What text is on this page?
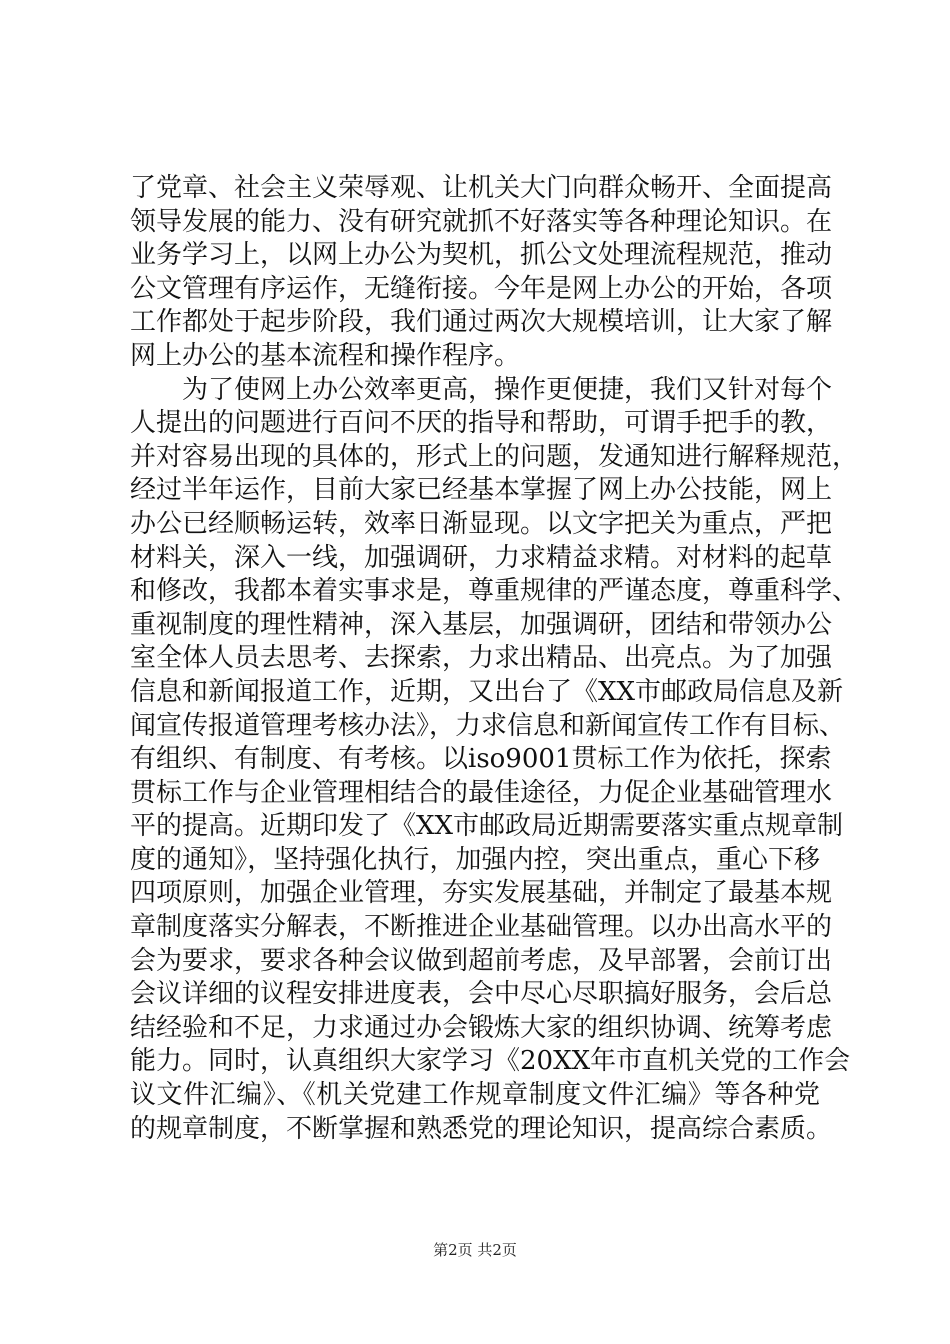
了党章、社会主义荣辱观、让机关大门向群众畅开、全面提高
领导发展的能力、没有研究就抓不好落实等各种理论知识。在
业务学习上，以网上办公为契机，抓公文处理流程规范，推动
公文管理有序运作，无缝衔接。今年是网上办公的开始，各项
工作都处于起步阶段，我们通过两次大规模培训，让大家了解
网上办公的基本流程和操作程序。
　　为了使网上办公效率更高，操作更便捷，我们又针对每个
人提出的问题进行百问不厌的指导和帮助，可谓手把手的教，
并对容易出现的具体的，形式上的问题，发通知进行解释规范，
经过半年运作，目前大家已经基本掌握了网上办公技能，网上
办公已经顺畅运转，效率日渐显现。以文字把关为重点，严把
材料关，深入一线，加强调研，力求精益求精。对材料的起草
和修改，我都本着实事求是，尊重规律的严谨态度，尊重科学、
重视制度的理性精神，深入基层，加强调研，团结和带领办公
室全体人员去思考、去探索，力求出精品、出亮点。为了加强
信息和新闻报道工作，近期，又出台了《XX市邮政局信息及新
闻宣传报道管理考核办法》，力求信息和新闻宣传工作有目标、
有组织、有制度、有考核。以iso9001贯标工作为依托，探索
贯标工作与企业管理相结合的最佳途径，力促企业基础管理水
平的提高。近期印发了《XX市邮政局近期需要落实重点规章制
度的通知》，坚持强化执行，加强内控，突出重点，重心下移
四项原则，加强企业管理，夯实发展基础，并制定了最基本规
章制度落实分解表，不断推进企业基础管理。以办出高水平的
会为要求，要求各种会议做到超前考虑，及早部署，会前订出
会议详细的议程安排进度表，会中尽心尽职搞好服务，会后总
结经验和不足，力求通过办会锻炼大家的组织协调、统筹考虑
能力。同时，认真组织大家学习《20XX年市直机关党的工作会
议文件汇编》、《机关党建工作规章制度文件汇编》等各种党
的规章制度，不断掌握和熟悉党的理论知识，提高综合素质。
第2页 共2页
